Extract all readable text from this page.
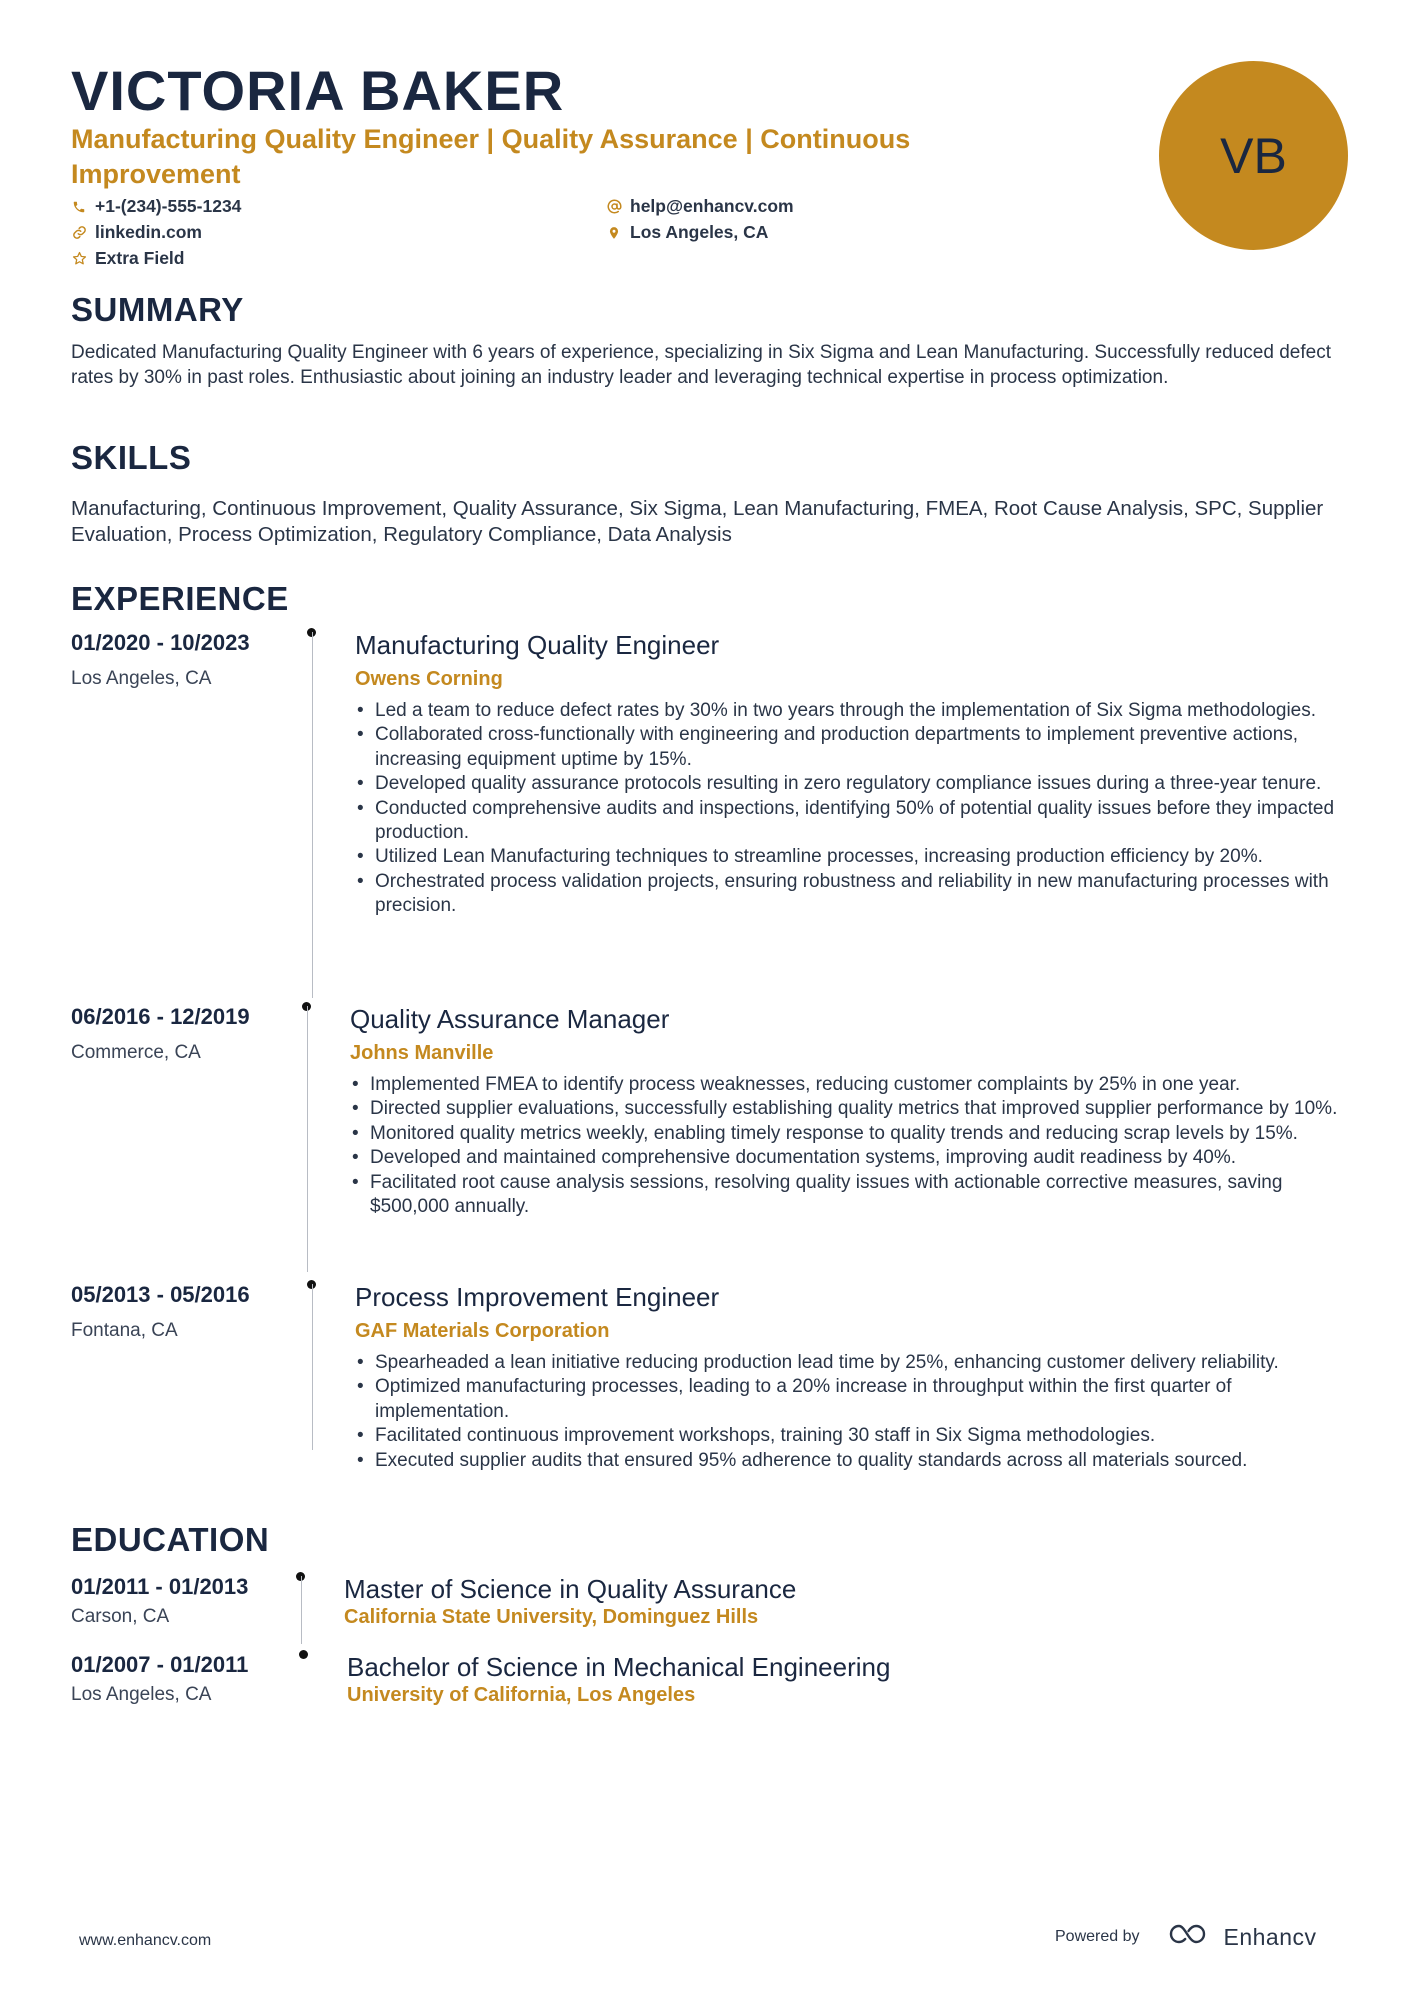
VICTORIA BAKER

Manufacturing Quality Engineer | Quality Assurance | Continuous Improvement

+1-(234)-555-1234	help@enhancv.com
linkedin.com	Los Angeles, CA
Extra Field
VB
SUMMARY

Dedicated Manufacturing Quality Engineer with 6 years of experience, specializing in Six Sigma and Lean Manufacturing. Successfully reduced defect rates by 30% in past roles. Enthusiastic about joining an industry leader and leveraging technical expertise in process optimization.

SKILLS

Manufacturing, Continuous Improvement, Quality Assurance, Six Sigma, Lean Manufacturing, FMEA, Root Cause Analysis, SPC, Supplier Evaluation, Process Optimization, Regulatory Compliance, Data Analysis

EXPERIENCE
01/2020 - 10/2023
Los Angeles, CA
Manufacturing Quality Engineer
Owens Corning
• Led a team to reduce defect rates by 30% in two years through the implementation of Six Sigma methodologies.
• Collaborated cross-functionally with engineering and production departments to implement preventive actions, increasing equipment uptime by 15%.
• Developed quality assurance protocols resulting in zero regulatory compliance issues during a three-year tenure.
• Conducted comprehensive audits and inspections, identifying 50% of potential quality issues before they impacted production.
• Utilized Lean Manufacturing techniques to streamline processes, increasing production efficiency by 20%.
• Orchestrated process validation projects, ensuring robustness and reliability in new manufacturing processes with precision.
06/2016 - 12/2019
Commerce, CA
Quality Assurance Manager
Johns Manville
• Implemented FMEA to identify process weaknesses, reducing customer complaints by 25% in one year.
• Directed supplier evaluations, successfully establishing quality metrics that improved supplier performance by 10%.
• Monitored quality metrics weekly, enabling timely response to quality trends and reducing scrap levels by 15%.
• Developed and maintained comprehensive documentation systems, improving audit readiness by 40%.
• Facilitated root cause analysis sessions, resolving quality issues with actionable corrective measures, saving $500,000 annually.
05/2013 - 05/2016
Fontana, CA
Process Improvement Engineer
GAF Materials Corporation
• Spearheaded a lean initiative reducing production lead time by 25%, enhancing customer delivery reliability.
• Optimized manufacturing processes, leading to a 20% increase in throughput within the first quarter of implementation.
• Facilitated continuous improvement workshops, training 30 staff in Six Sigma methodologies.
• Executed supplier audits that ensured 95% adherence to quality standards across all materials sourced.
EDUCATION
01/2011 - 01/2013
Carson, CA
Master of Science in Quality Assurance
California State University, Dominguez Hills
01/2007 - 01/2011
Los Angeles, CA
Bachelor of Science in Mechanical Engineering
University of California, Los Angeles
www.enhancv.com	Powered by	Enhancv
